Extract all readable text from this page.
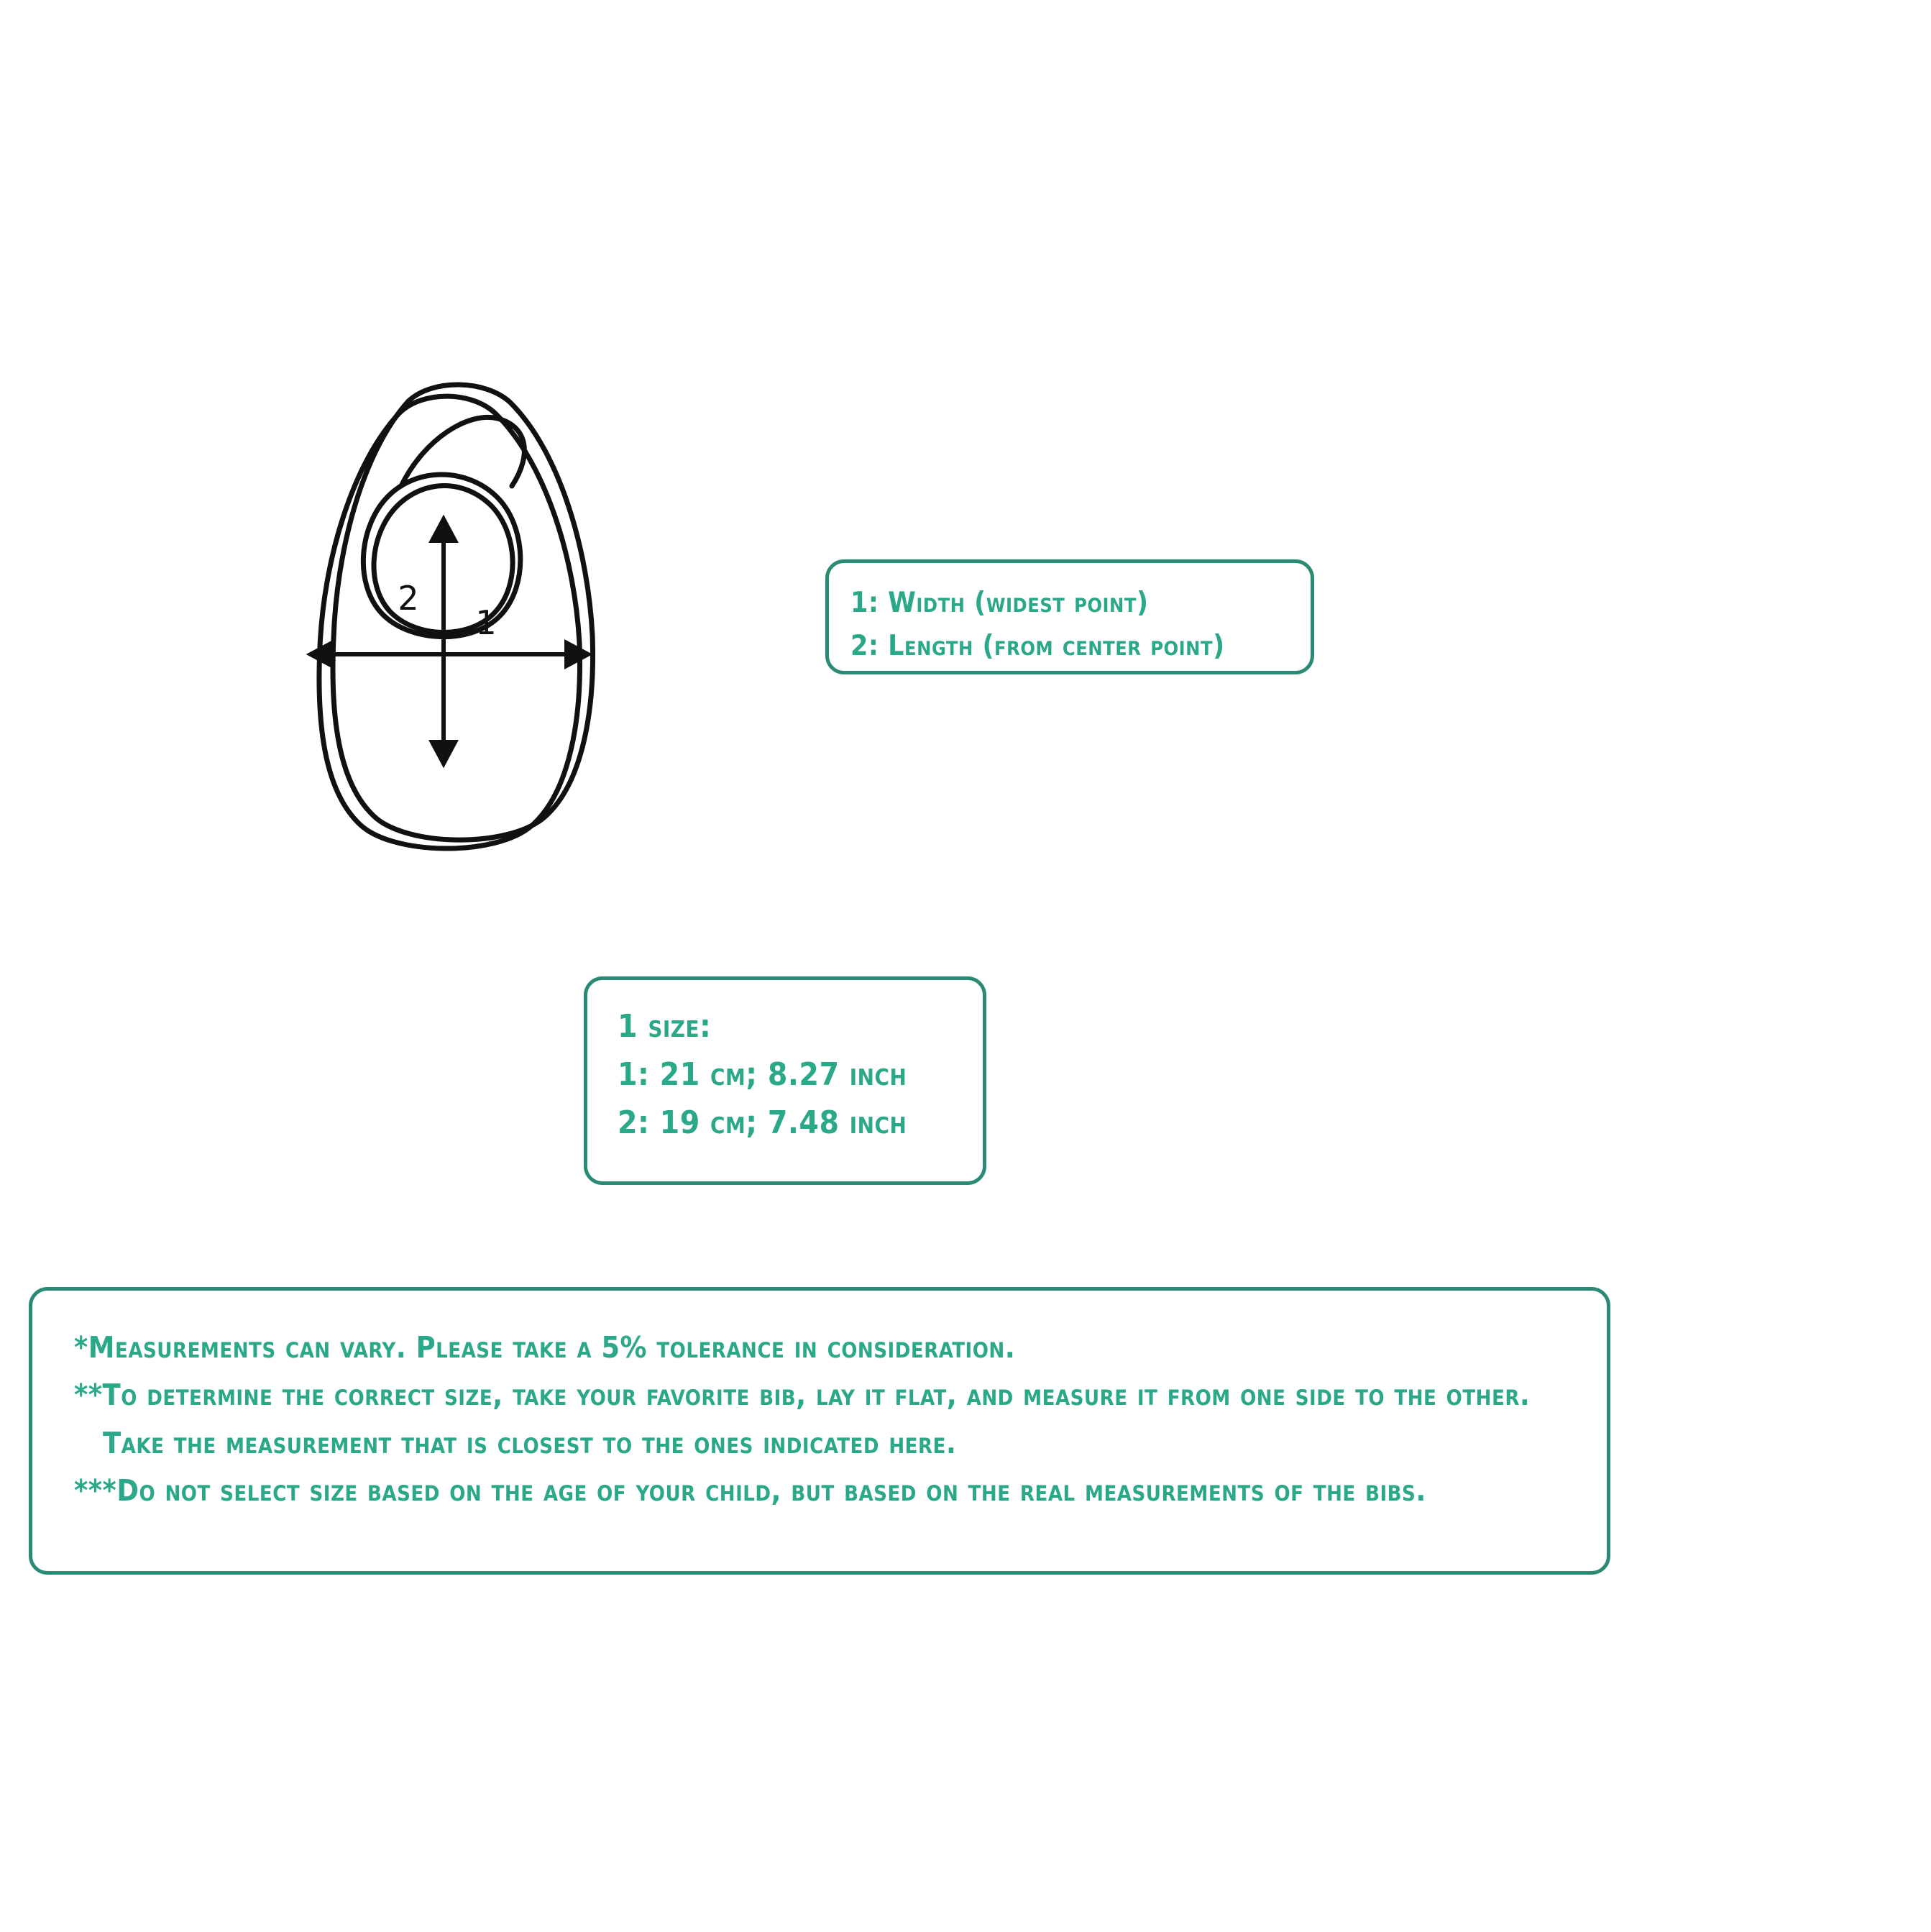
1
2	1: Width (widest point)
2: Length (from center point)
1 size:
1: 21 cm; 8.27 inch
2: 19 cm; 7.48 inch
*Measurements can vary. Please take a 5% tolerance in consideration.
**To determine the correct size, take your favorite bib, lay it flat, and measure it from one side to the other.
Take the measurement that is closest to the ones indicated here.
***Do not select size based on the age of your child, but based on the real measurements of the bibs.
